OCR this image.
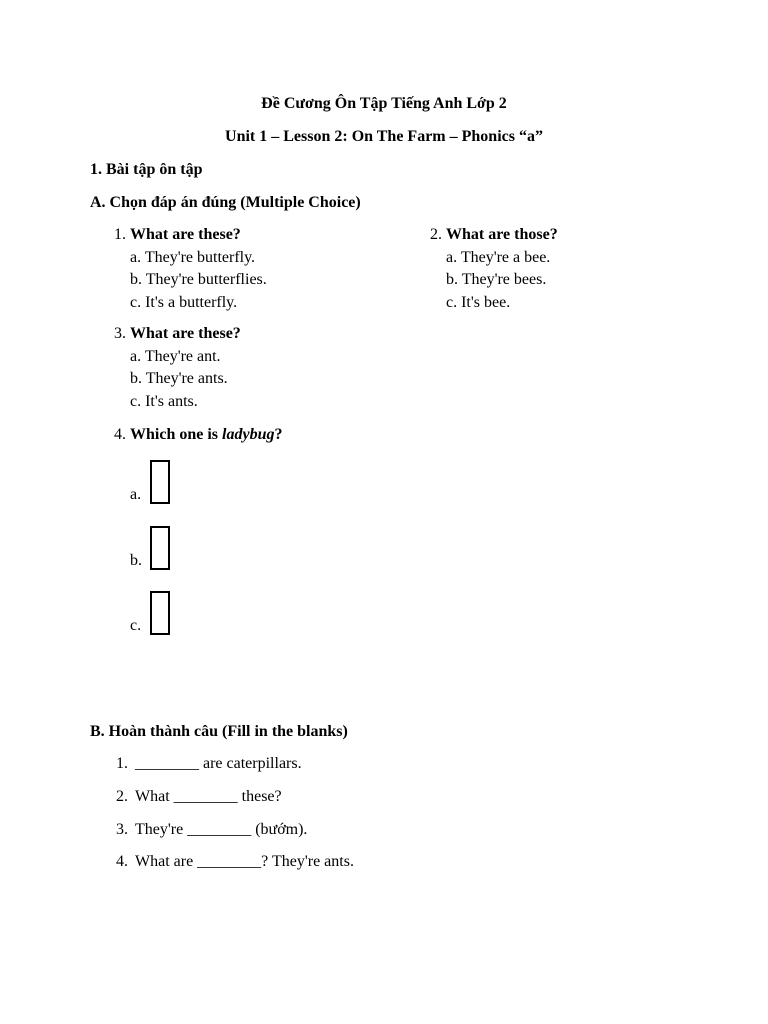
Đề Cương Ôn Tập Tiếng Anh Lớp 2
Unit 1 – Lesson 2: On The Farm – Phonics “a”
1. Bài tập ôn tập
A. Chọn đáp án đúng (Multiple Choice)
1. What are these?
a. They're butterfly.
b. They're butterflies.
c. It's a butterfly.
2. What are those?
a. They're a bee.
b. They're bees.
c. It's bee.
3. What are these?
a. They're ant.
b. They're ants.
c. It's ants.
4. Which one is ladybug?
a.
b.
c.
B. Hoàn thành câu (Fill in the blanks)
1. ________ are caterpillars.
2. What ________ these?
3. They're ________ (bướm).
4. What are ________? They're ants.
